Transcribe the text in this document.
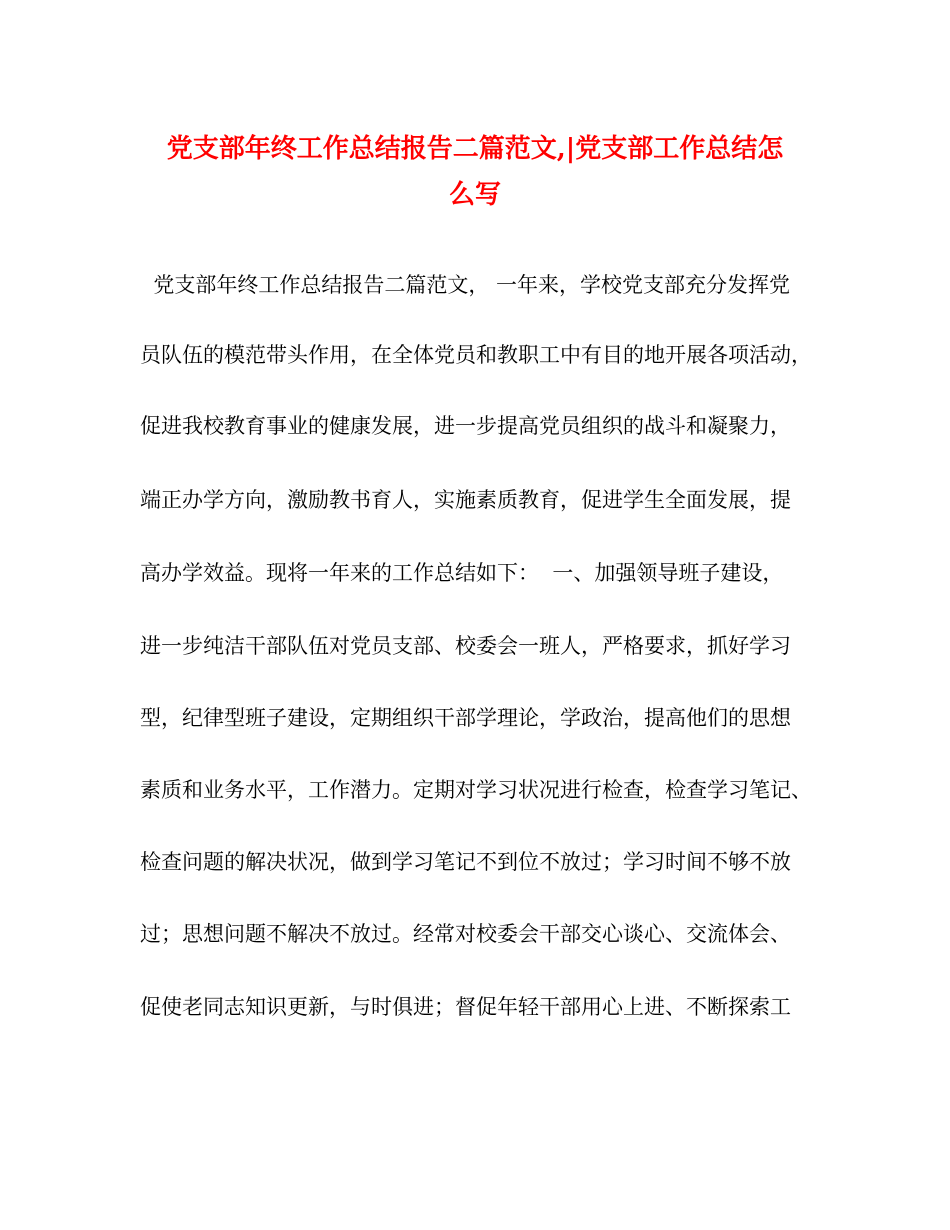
党支部年终工作总结报告二篇范文,|党支部工作总结怎
么写
党支部年终工作总结报告二篇范文， 一年来，学校党支部充分发挥党
员队伍的模范带头作用，在全体党员和教职工中有目的地开展各项活动，
促进我校教育事业的健康发展，进一步提高党员组织的战斗和凝聚力，
端正办学方向，激励教书育人，实施素质教育，促进学生全面发展，提
高办学效益。现将一年来的工作总结如下：  一、加强领导班子建设，
进一步纯洁干部队伍对党员支部、校委会一班人，严格要求，抓好学习
型，纪律型班子建设，定期组织干部学理论，学政治，提高他们的思想
素质和业务水平，工作潜力。定期对学习状况进行检查，检查学习笔记、
检查问题的解决状况，做到学习笔记不到位不放过；学习时间不够不放
过；思想问题不解决不放过。经常对校委会干部交心谈心、交流体会、
促使老同志知识更新，与时俱进；督促年轻干部用心上进、不断探索工
